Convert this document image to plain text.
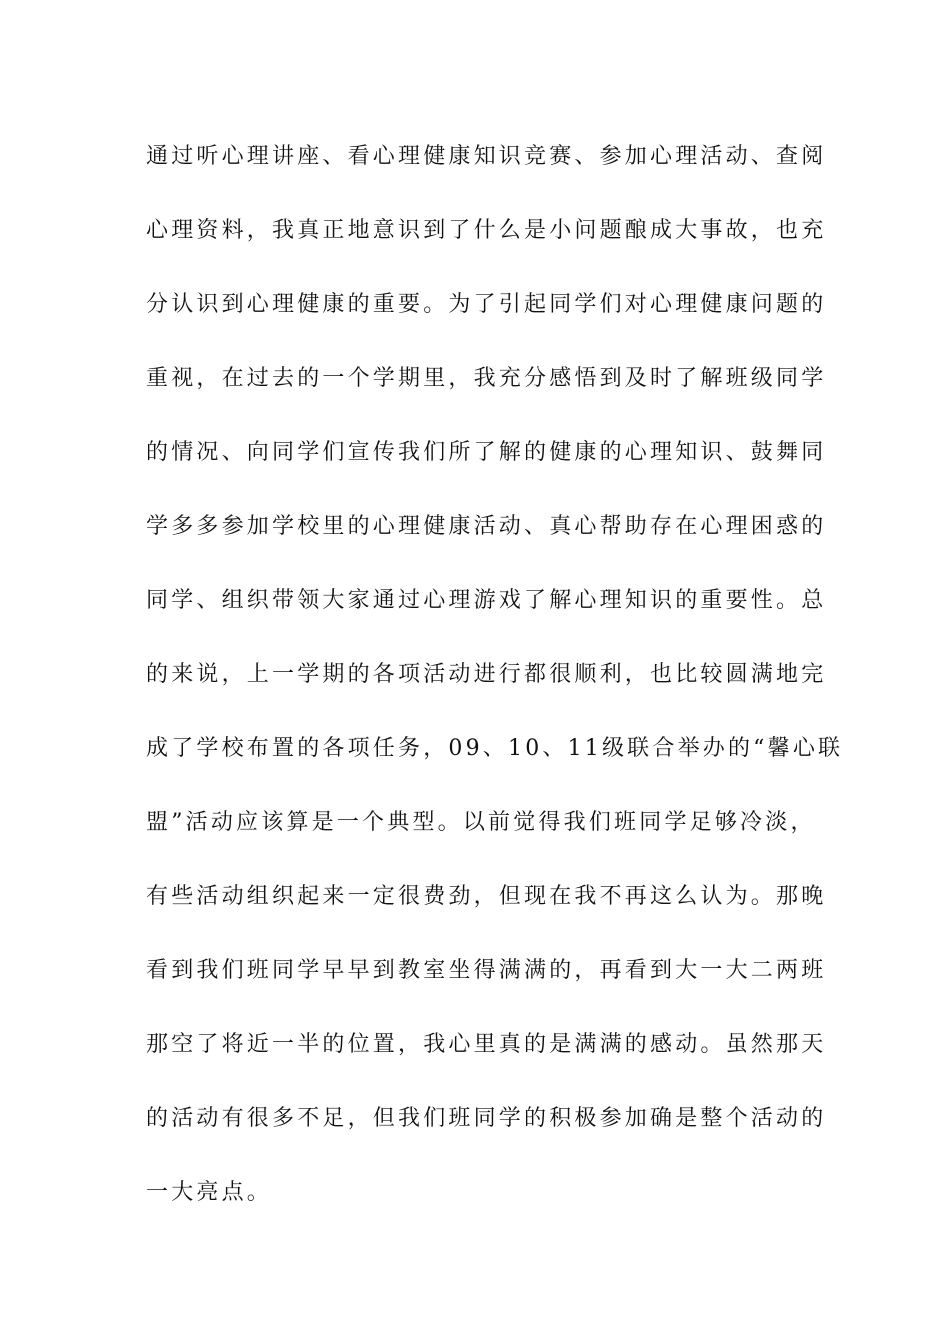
通过听心理讲座、看心理健康知识竞赛、参加心理活动、查阅
心理资料，我真正地意识到了什么是小问题酿成大事故，也充
分认识到心理健康的重要。为了引起同学们对心理健康问题的
重视，在过去的一个学期里，我充分感悟到及时了解班级同学
的情况、向同学们宣传我们所了解的健康的心理知识、鼓舞同
学多多参加学校里的心理健康活动、真心帮助存在心理困惑的
同学、组织带领大家通过心理游戏了解心理知识的重要性。总
的来说，上一学期的各项活动进行都很顺利，也比较圆满地完
成了学校布置的各项任务，09、10、11级联合举办的“馨心联
盟”活动应该算是一个典型。以前觉得我们班同学足够冷淡，
有些活动组织起来一定很费劲，但现在我不再这么认为。那晚
看到我们班同学早早到教室坐得满满的，再看到大一大二两班
那空了将近一半的位置，我心里真的是满满的感动。虽然那天
的活动有很多不足，但我们班同学的积极参加确是整个活动的
一大亮点。
